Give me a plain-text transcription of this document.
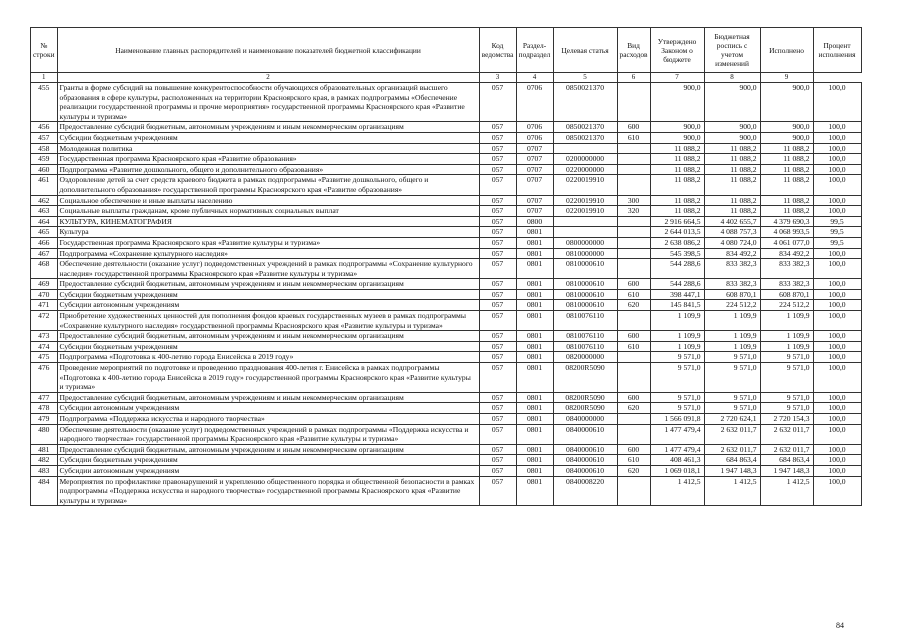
№ строки	Наименование главных распорядителей и наименование показателей бюджетной классификации	Код ведомства	Раздел-подраздел	Целевая статья	Вид расходов	Утверждено Законом о бюджете	Бюджетная роспись с учетом изменений	Исполнено	Процент исполнения
1	2	3	4	5	6	7	8	9	
455	Гранты в форме субсидий на повышение конкурентоспособности обучающихся образовательных организаций высшего образования в сфере культуры, расположенных на территории Красноярского края, в рамках подпрограммы «Обеспечение реализации государственной программы и прочие мероприятия» государственной программы Красноярского края «Развитие культуры и туризма»	057	0706	0850021370		900,0	900,0	900,0	100,0
456	Предоставление субсидий бюджетным, автономным учреждениям и иным некоммерческим организациям	057	0706	0850021370	600	900,0	900,0	900,0	100,0
457	Субсидии бюджетным учреждениям	057	0706	0850021370	610	900,0	900,0	900,0	100,0
458	Молодежная политика	057	0707			11 088,2	11 088,2	11 088,2	100,0
459	Государственная программа Красноярского края «Развитие образования»	057	0707	0200000000		11 088,2	11 088,2	11 088,2	100,0
460	Подпрограмма «Развитие дошкольного, общего и дополнительного образования»	057	0707	0220000000		11 088,2	11 088,2	11 088,2	100,0
461	Оздоровление детей за счет средств краевого бюджета в рамках подпрограммы «Развитие дошкольного, общего и дополнительного образования» государственной программы Красноярского края «Развитие образования»	057	0707	0220019910		11 088,2	11 088,2	11 088,2	100,0
462	Социальное обеспечение и иные выплаты населению	057	0707	0220019910	300	11 088,2	11 088,2	11 088,2	100,0
463	Социальные выплаты гражданам, кроме публичных нормативных социальных выплат	057	0707	0220019910	320	11 088,2	11 088,2	11 088,2	100,0
464	КУЛЬТУРА, КИНЕМАТОГРАФИЯ	057	0800			2 916 664,5	4 402 655,7	4 379 690,3	99,5
465	Культура	057	0801			2 644 013,5	4 088 757,3	4 068 993,5	99,5
466	Государственная программа Красноярского края «Развитие культуры и туризма»	057	0801	0800000000		2 638 086,2	4 080 724,0	4 061 077,0	99,5
467	Подпрограмма «Сохранение культурного наследия»	057	0801	0810000000		545 398,5	834 492,2	834 492,2	100,0
468	Обеспечение деятельности (оказание услуг) подведомственных учреждений в рамках подпрограммы «Сохранение культурного наследия» государственной программы Красноярского края «Развитие культуры и туризма»	057	0801	0810000610		544 288,6	833 382,3	833 382,3	100,0
469	Предоставление субсидий бюджетным, автономным учреждениям и иным некоммерческим организациям	057	0801	0810000610	600	544 288,6	833 382,3	833 382,3	100,0
470	Субсидии бюджетным учреждениям	057	0801	0810000610	610	398 447,1	608 870,1	608 870,1	100,0
471	Субсидии автономным учреждениям	057	0801	0810000610	620	145 841,5	224 512,2	224 512,2	100,0
472	Приобретение художественных ценностей для пополнения фондов краевых государственных музеев в рамках подпрограммы «Сохранение культурного наследия» государственной программы Красноярского края «Развитие культуры и туризма»	057	0801	0810076110		1 109,9	1 109,9	1 109,9	100,0
473	Предоставление субсидий бюджетным, автономным учреждениям и иным некоммерческим организациям	057	0801	0810076110	600	1 109,9	1 109,9	1 109,9	100,0
474	Субсидии бюджетным учреждениям	057	0801	0810076110	610	1 109,9	1 109,9	1 109,9	100,0
475	Подпрограмма «Подготовка к 400-летию города Енисейска в 2019 году»	057	0801	0820000000		9 571,0	9 571,0	9 571,0	100,0
476	Проведение мероприятий по подготовке и проведению празднования 400-летия г. Енисейска в рамках подпрограммы «Подготовка к 400-летию города Енисейска в 2019 году» государственной программы Красноярского края «Развитие культуры и туризма»	057	0801	08200R5090		9 571,0	9 571,0	9 571,0	100,0
477	Предоставление субсидий бюджетным, автономным учреждениям и иным некоммерческим организациям	057	0801	08200R5090	600	9 571,0	9 571,0	9 571,0	100,0
478	Субсидии автономным учреждениям	057	0801	08200R5090	620	9 571,0	9 571,0	9 571,0	100,0
479	Подпрограмма «Поддержка искусства и народного творчества»	057	0801	0840000000		1 566 091,8	2 720 624,1	2 720 154,3	100,0
480	Обеспечение деятельности (оказание услуг) подведомственных учреждений в рамках подпрограммы «Поддержка искусства и народного творчества» государственной программы Красноярского края «Развитие культуры и туризма»	057	0801	0840000610		1 477 479,4	2 632 011,7	2 632 011,7	100,0
481	Предоставление субсидий бюджетным, автономным учреждениям и иным некоммерческим организациям	057	0801	0840000610	600	1 477 479,4	2 632 011,7	2 632 011,7	100,0
482	Субсидии бюджетным учреждениям	057	0801	0840000610	610	408 461,3	684 863,4	684 863,4	100,0
483	Субсидии автономным учреждениям	057	0801	0840000610	620	1 069 018,1	1 947 148,3	1 947 148,3	100,0
484	Мероприятия по профилактике правонарушений и укреплению общественного порядка и общественной безопасности в рамках подпрограммы «Поддержка искусства и народного творчества» государственной программы Красноярского края «Развитие культуры и туризма»	057	0801	0840008220		1 412,5	1 412,5	1 412,5	100,0
84
